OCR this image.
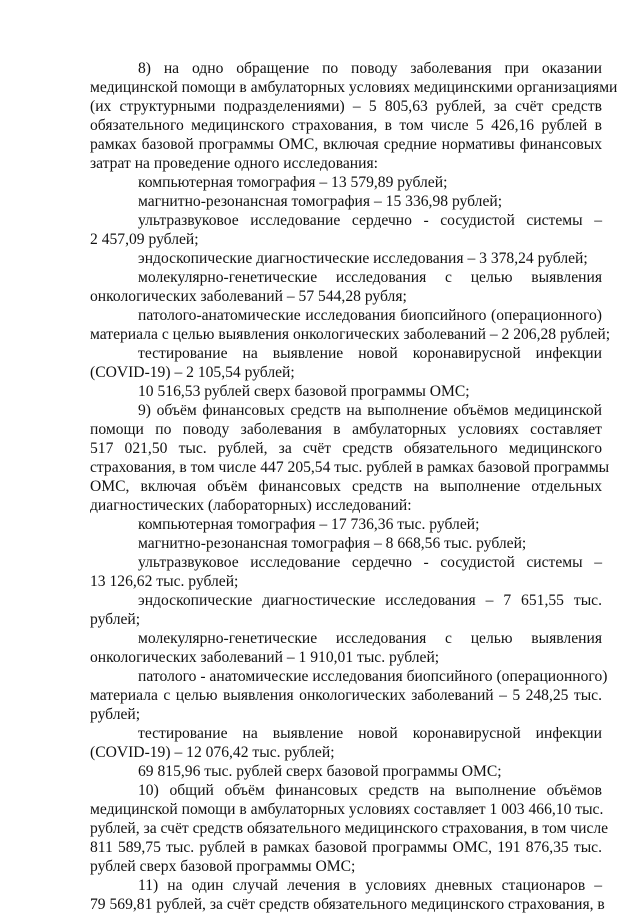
8) на одно обращение по поводу заболевания при оказании
медицинской помощи в амбулаторных условиях медицинскими организациями
(их структурными подразделениями) – 5 805,63 рублей, за счёт средств
обязательного медицинского страхования, в том числе 5 426,16 рублей в
рамках базовой программы ОМС, включая средние нормативы финансовых
затрат на проведение одного исследования:
компьютерная томография – 13 579,89 рублей;
магнитно-резонансная томография – 15 336,98 рублей;
ультразвуковое исследование сердечно - сосудистой системы –
2 457,09 рублей;
эндоскопические диагностические исследования – 3 378,24 рублей;
молекулярно-генетические исследования с целью выявления
онкологических заболеваний – 57 544,28 рубля;
патолого-анатомические исследования биопсийного (операционного)
материала с целью выявления онкологических заболеваний – 2 206,28 рублей;
тестирование на выявление новой коронавирусной инфекции
(COVID-19) – 2 105,54 рублей;
10 516,53 рублей сверх базовой программы ОМС;
9) объём финансовых средств на выполнение объёмов медицинской
помощи по поводу заболевания в амбулаторных условиях составляет
517 021,50 тыс. рублей, за счёт средств обязательного медицинского
страхования, в том числе 447 205,54 тыс. рублей в рамках базовой программы
ОМС, включая объём финансовых средств на выполнение отдельных
диагностических (лабораторных) исследований:
компьютерная томография – 17 736,36 тыс. рублей;
магнитно-резонансная томография – 8 668,56 тыс. рублей;
ультразвуковое исследование сердечно - сосудистой системы –
13 126,62 тыс. рублей;
эндоскопические диагностические исследования – 7 651,55 тыс.
рублей;
молекулярно-генетические исследования с целью выявления
онкологических заболеваний – 1 910,01 тыс. рублей;
патолого - анатомические исследования биопсийного (операционного)
материала с целью выявления онкологических заболеваний – 5 248,25 тыс.
рублей;
тестирование на выявление новой коронавирусной инфекции
(COVID-19) – 12 076,42 тыс. рублей;
69 815,96 тыс. рублей сверх базовой программы ОМС;
10) общий объём финансовых средств на выполнение объёмов
медицинской помощи в амбулаторных условиях составляет 1 003 466,10 тыс.
рублей, за счёт средств обязательного медицинского страхования, в том числе
811 589,75 тыс. рублей в рамках базовой программы ОМС, 191 876,35 тыс.
рублей сверх базовой программы ОМС;
11) на один случай лечения в условиях дневных стационаров –
79 569,81 рублей, за счёт средств обязательного медицинского страхования, в
